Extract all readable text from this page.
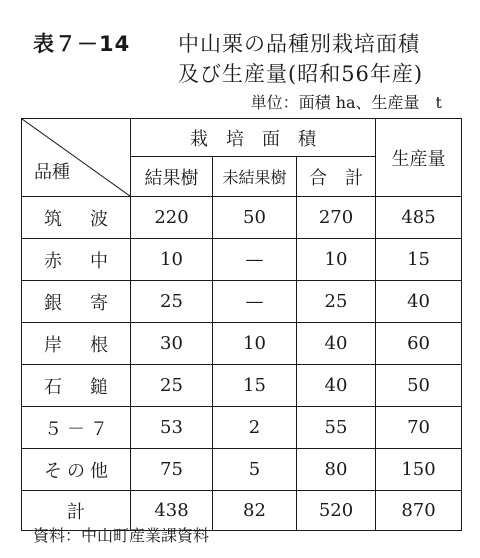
表７－14 中山栗の品種別栽培面積
及び生産量(昭和56年産)
単位：面積 ha、生産量　t
品種	栽　培　面　積			生産量
	結果樹	未結果樹	合　計	
筑　波	220	50	270	485
赤　中	10	—	10	15
銀　寄	25	—	25	40
岸　根	30	10	40	60
石　鎚	25	15	40	50
５－７	53	2	55	70
その他	75	5	80	150
計	438	82	520	870
資料：中山町産業課資料
